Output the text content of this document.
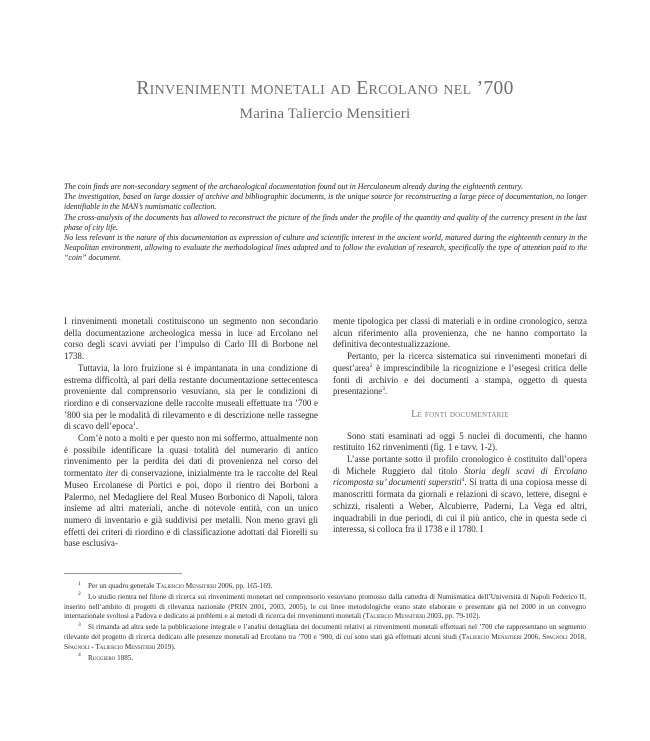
Rinvenimenti monetali ad Ercolano nel ’700
Marina Taliercio Mensitieri

The coin finds are non-secondary segment of the archaeological documentation found out in Herculaneum already during the eighteenth century.

The investigation, based on large dossier of archive and bibliographic documents, is the unique source for reconstructing a large piece of documentation, no longer identifiable in the MAN’s numismatic collection.

The cross-analysis of the documents has allowed to reconstruct the picture of the finds under the profile of the quantity and quality of the currency present in the last phase of city life.

No less relevant is the nature of this documentation as expression of culture and scientific interest in the ancient world, matured during the eighteenth century in the Neapolitan environment, allowing to evaluate the methodological lines adapted and to follow the evolution of research, specifically the type of attention paid to the “coin” document.

I rinvenimenti monetali costituiscono un segmento non secondario della documentazione archeologica messa in luce ad Ercolano nel corso degli scavi avviati per l’impulso di Carlo III di Borbone nel 1738.

Tuttavia, la loro fruizione si è impantanata in una condizione di estrema difficoltà, al pari della restante documentazione settecentesca proveniente dal comprensorio vesuviano, sia per le condizioni di riordino e di conservazione delle raccolte museali effettuate tra ’700 e ’800 sia per le modalità di rilevamento e di descrizione nelle rassegne di scavo dell’epoca$^1$.

Com’è noto a molti e per questo non mi soffermo, attualmente non è possibile identificare la quasi totalità del numerario di antico rinvenimento per la perdita dei dati di provenienza nel corso del tormentato iter di conservazione, inizialmente tra le raccolte del Real Museo Ercolanese di Portici e poi, dopo il rientro dei Borboni a Palermo, nel Medagliere del Real Museo Borbonico di Napoli, talora insieme ad altri materiali, anche di notevole entità, con un unico numero di inventario e già suddivisi per metalli. Non meno gravi gli effetti dei criteri di riordino e di classificazione adottati dal Fiorelli su base esclusiva-

mente tipologica per classi di materiali e in ordine cronologico, senza alcun riferimento alla provenienza, che ne hanno comportato la definitiva decontestualizzazione.

Pertanto, per la ricerca sistematica sui rinvenimenti monetari di quest’area$^2$ è imprescindibile la ricognizione e l’esegesi critica delle fonti di archivio e dei documenti a stampa, oggetto di questa presentazione$^3$.

Le fonti documentarie

Sono stati esaminati ad oggi 5 nuclei di documenti, che hanno restituito 162 rinvenimenti (fig. 1 e tavv. 1-2).

L’asse portante sotto il profilo cronologico è costituito dall’opera di Michele Ruggiero dal titolo Storia degli scavi di Ercolano ricomposta su’ documenti superstiti$^4$. Si tratta di una copiosa messe di manoscritti formata da giornali e relazioni di scavo, lettere, disegni e schizzi, risalenti a Weber, Alcubierre, Paderni, La Vega ed altri, inquadrabili in due periodi, di cui il più antico, che in questa sede ci interessa, si colloca fra il 1738 e il 1780. I

1 Per un quadro generale Taliercio Mensitieri 2006, pp. 165-169.

2 Lo studio rientra nel filone di ricerca sui rinvenimenti monetari nel comprensorio vesuviano promosso dalla cattedra di Numismatica dell’Università di Napoli Federico II, inserito nell’ambito di progetti di rilevanza nazionale (PRIN 2001, 2003, 2005), le cui linee metodologiche erano state elaborate e presentate già nel 2000 in un convegno internazionale svoltosi a Padova e dedicato ai problemi e ai metodi di ricerca dei rinvenimenti monetali (Taliercio Mensitieri 2003, pp. 79-102).

3 Si rimanda ad altra sede la pubblicazione integrale e l’analisi dettagliata dei documenti relativi ai rinvenimenti monetali effettuati nel ’700 che rappresentano un segmento rilevante del progetto di ricerca dedicato alle presenze monetali ad Ercolano tra ’700 e ’900, di cui sono stati già effettuati alcuni studi (Taliercio Mensitieri 2006, Spagnoli 2018, Spagnoli - Taliercio Mensitieri 2019).

4 Ruggiero 1885.
